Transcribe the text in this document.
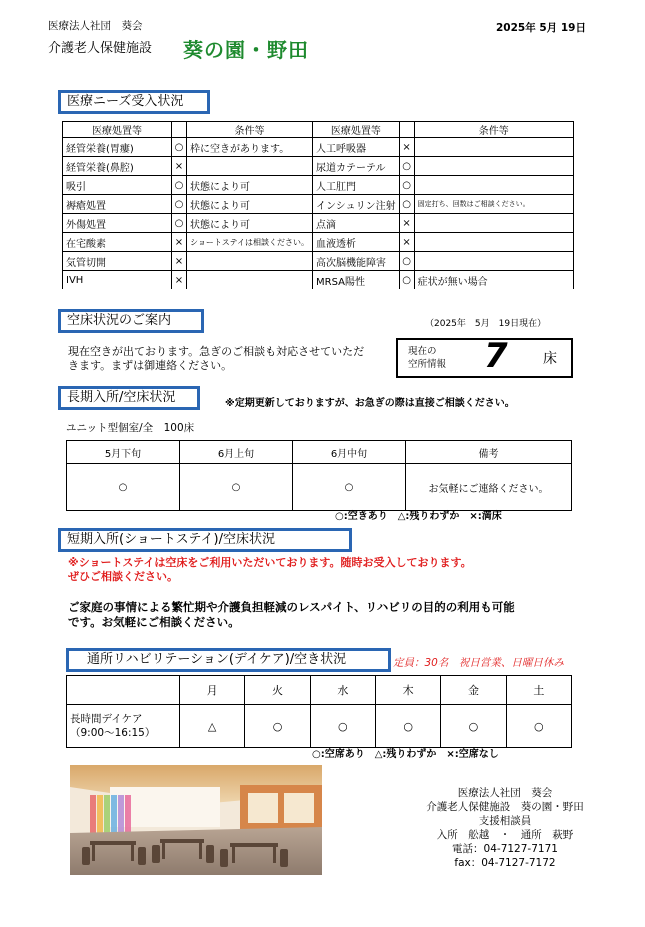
医療法人社団　葵会
介護老人保健施設 葵の園・野田
2025年 5月 19日
医療ニーズ受入状況
医療処置等		条件等	医療処置等		条件等
経管栄養(胃瘻)	○	枠に空きがあります。	人工呼吸器	×	
経管栄養(鼻腔)	×		尿道カテーテル	○	
吸引	○	状態により可	人工肛門	○	
褥瘡処置	○	状態により可	インシュリン注射	○	固定打ち、回数はご相談ください。
外傷処置	○	状態により可	点滴	×	
在宅酸素	×	ショートステイは相談ください。	血液透析	×	
気管切開	×		高次脳機能障害	○	
IVH	×		MRSA陽性	○	症状が無い場合
空床状況のご案内	（2025年　5月　19日現在）
現在空きが出ております。急ぎのご相談も対応させていただ
きます。まずは御連絡ください。
現在の
空所情報 7	床
長期入所/空床状況	※定期更新しておりますが、お急ぎの際は直接ご相談ください。
ユニット型個室/全　100床
5月下旬	6月上旬	6月中旬	備考
○	○	○	お気軽にご連絡ください。
○:空きあり　△:残りわずか　×:満床
短期入所(ショートステイ)/空床状況
※ショートステイは空床をご利用いただいております。随時お受入しております。
ぜひご相談ください。
ご家庭の事情による繁忙期や介護負担軽減のレスパイト、リハビリの目的の利用も可能
です。お気軽にご相談ください。
通所リハビリテーション(デイケア)/空き状況	定員：30名　祝日営業、日曜日休み
	月	火	水	木	金	土

長時間デイケア
（9:00～16:15）	△	○	○	○	○	○
○:空席あり　△:残りわずか　×:空席なし
医療法人社団　葵会
介護老人保健施設　葵の園・野田
支援相談員
入所　舩越　・　通所　萩野
電話：04-7127-7171
fax：04-7127-7172
